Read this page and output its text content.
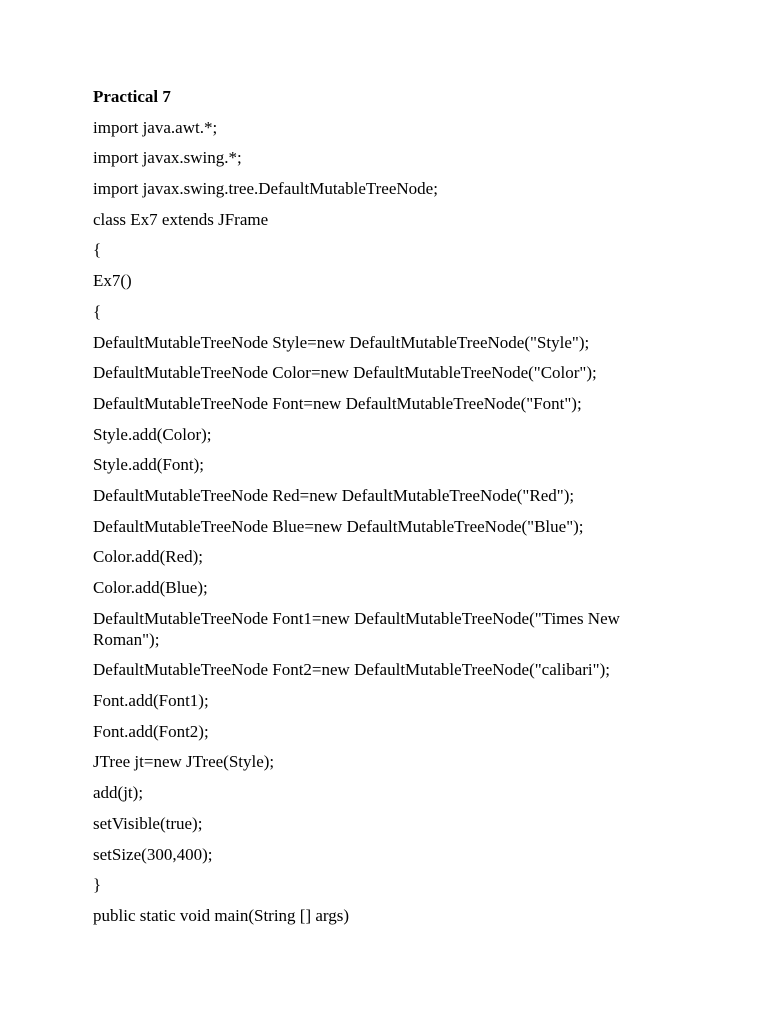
Practical 7
import java.awt.*;
import javax.swing.*;
import javax.swing.tree.DefaultMutableTreeNode;
class Ex7 extends JFrame
{
Ex7()
{
DefaultMutableTreeNode Style=new DefaultMutableTreeNode("Style");
DefaultMutableTreeNode Color=new DefaultMutableTreeNode("Color");
DefaultMutableTreeNode Font=new DefaultMutableTreeNode("Font");
Style.add(Color);
Style.add(Font);
DefaultMutableTreeNode Red=new DefaultMutableTreeNode("Red");
DefaultMutableTreeNode Blue=new DefaultMutableTreeNode("Blue");
Color.add(Red);
Color.add(Blue);
DefaultMutableTreeNode Font1=new DefaultMutableTreeNode("Times New Roman");
DefaultMutableTreeNode Font2=new DefaultMutableTreeNode("calibari");
Font.add(Font1);
Font.add(Font2);
JTree jt=new JTree(Style);
add(jt);
setVisible(true);
setSize(300,400);
}
public static void main(String [] args)
